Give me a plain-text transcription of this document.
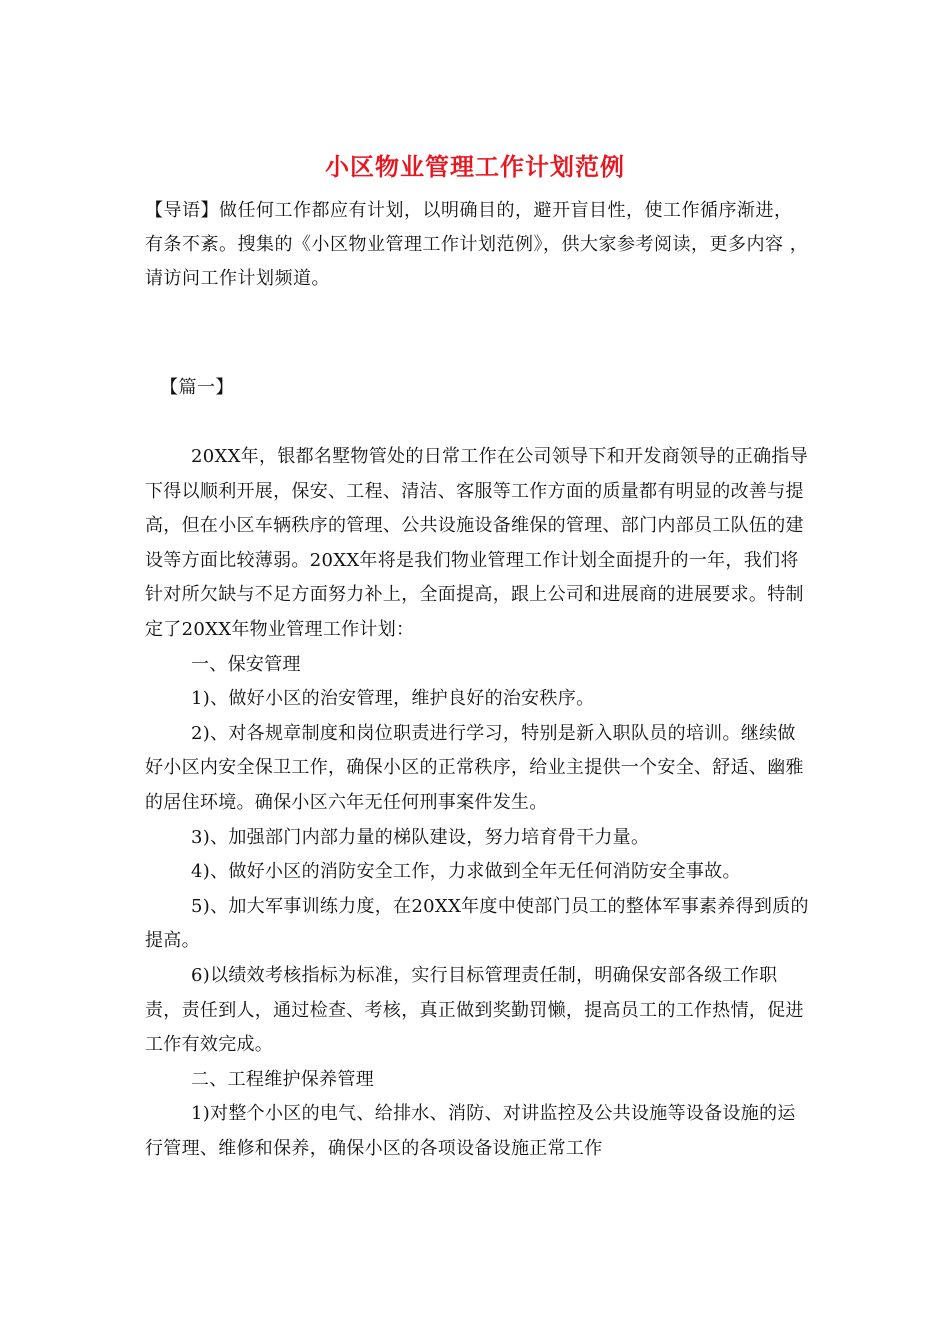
小区物业管理工作计划范例
【导语】做任何工作都应有计划，以明确目的，避开盲目性，使工作循序渐进，有条不紊。搜集的《小区物业管理工作计划范例》，供大家参考阅读，更多内容 ，请访问工作计划频道。
【篇一】

20XX年，银都名墅物管处的日常工作在公司领导下和开发商领导的正确指导下得以顺利开展，保安、工程、清洁、客服等工作方面的质量都有明显的改善与提高，但在小区车辆秩序的管理、公共设施设备维保的管理、部门内部员工队伍的建设等方面比较薄弱。20XX年将是我们物业管理工作计划全面提升的一年，我们将针对所欠缺与不足方面努力补上，全面提高，跟上公司和进展商的进展要求。特制定了20XX年物业管理工作计划：

一、保安管理

1)、做好小区的治安管理，维护良好的治安秩序。

2)、对各规章制度和岗位职责进行学习，特别是新入职队员的培训。继续做好小区内安全保卫工作，确保小区的正常秩序，给业主提供一个安全、舒适、幽雅的居住环境。确保小区六年无任何刑事案件发生。

3)、加强部门内部力量的梯队建设，努力培育骨干力量。

4)、做好小区的消防安全工作，力求做到全年无任何消防安全事故。

5)、加大军事训练力度，在20XX年度中使部门员工的整体军事素养得到质的提高。

6)以绩效考核指标为标准，实行目标管理责任制，明确保安部各级工作职责，责任到人，通过检查、考核，真正做到奖勤罚懒，提高员工的工作热情，促进工作有效完成。

二、工程维护保养管理

1)对整个小区的电气、给排水、消防、对讲监控及公共设施等设备设施的运行管理、维修和保养，确保小区的各项设备设施正常工作
